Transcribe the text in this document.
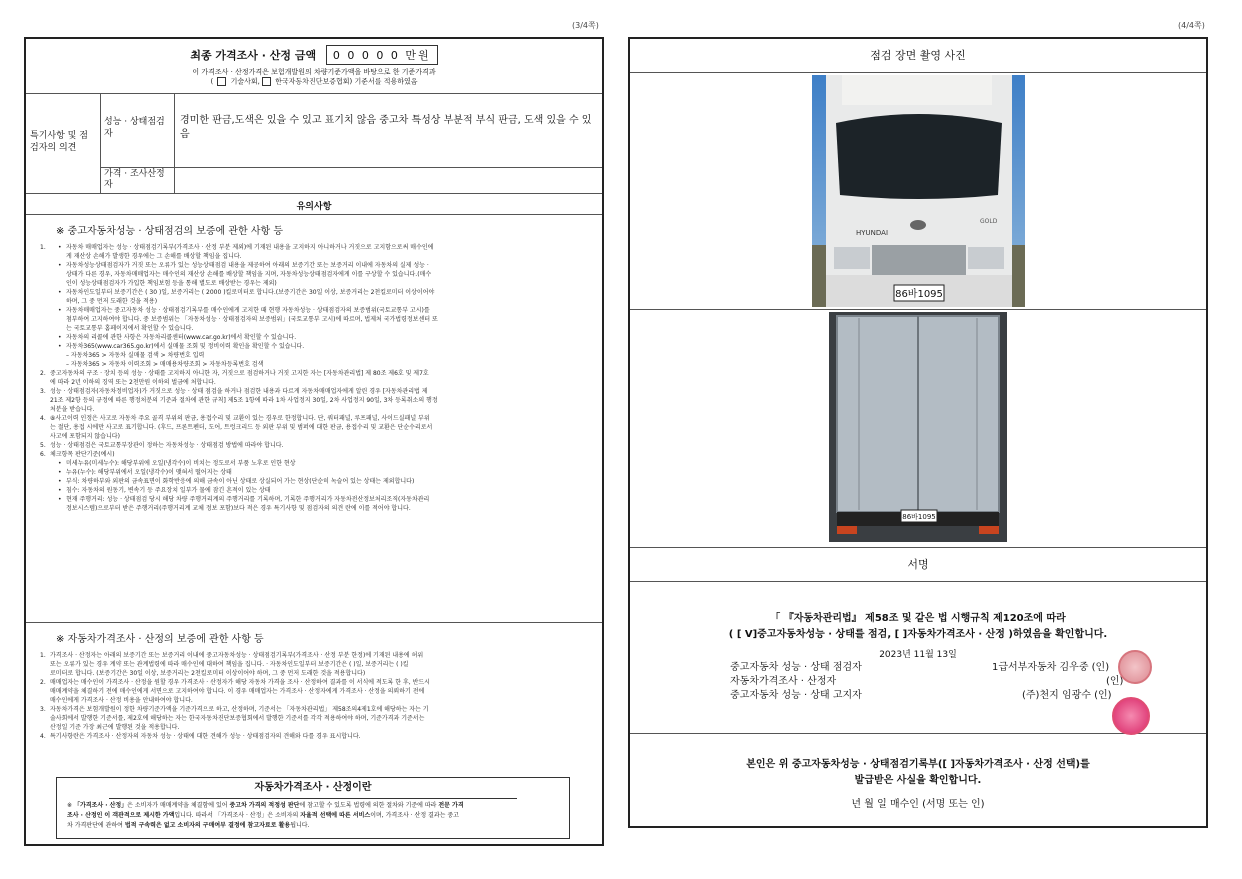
(3/4쪽)
최종 가격조사 · 산정 금액 0 0 0 0 0 만원
이 가격조사 · 산정가격은 보험개발원의 차량기준가액을 바탕으로 한 기준가격과
(  기술사회, 한국자동차진단보증협회) 기준서를 적용하였음
특기사항 및 점검자의 의견
성능 · 상태점검자
경미한 판금,도색은 있을 수 있고 표기치 않음 중고차 특성상 부분적 부식 판금, 도색 있을 수 있음
가격 · 조사산정자
유의사항
※ 중고자동차성능 · 상태점검의 보증에 관한 사항 등
1.
•	자동차 매매업자는 성능 · 상태점검기록부(가격조사 · 산정 부분 제외)에 기재된 내용을 고지하지 아니하거나 거짓으로 고지함으로써 매수인에
게 재산상 손해가 발생한 경우에는 그 손해를 배상할 책임을 집니다.
• 자동차성능상태점검자가 거짓 또는 오류가 있는 성능상태점검 내용을 제공하여 아래의 보증기간 또는 보증거리 이내에 자동차의 실제 성능 ·
상태가 다른 경우, 자동차매매업자는 매수인의 재산상 손해를 배상할 책임을 지며, 자동차성능상태점검자에게 이를 구상할 수 있습니다.(매수
인이 성능상태점검자가 가입한 책임보험 등을 통해 별도로 배상받는 경우는 제외)
• 자동차인도일부터 보증기간은 ( 30 )일, 보증거리는 ( 2000 )킬로미터로 합니다.(보증기간은 30일 이상, 보증거리는 2천킬로미터 이상이어야
하며, 그 중 먼저 도래한 것을 적용)
• 자동차매매업자는 중고자동차 성능 · 상태점검기록부를 매수인에게 고지한 때 현행 자동차성능 · 상태점검자의 보증범위(국토교통부 고시)를
첨부하여 고지하여야 합니다. 중 보증범위는 「자동차성능 · 상태점검자의 보증범위」(국토교통부 고시)에 따르며, 법제처 국가법령정보센터 또
는 국토교통부 홈페이지에서 확인할 수 있습니다.
• 자동차의 리콜에 관한 사항은 자동차리콜센터(www.car.go.kr)에서 확인할 수 있습니다.
• 자동차365(www.car365.go.kr)에서 실매물 조회 및 정비이력 확인을 확인할 수 있습니다.
– 자동차365 > 자동차 실매물 검색 > 차량번호 입력
– 자동차365 > 자동차 이력조회 > 매매용차량조회 > 자동차등록번호 검색
2. 중고자동차의 구조 · 장치 등의 성능 · 상태를 고지하지 아니한 자, 거짓으로 점검하거나 거짓 고지한 자는 [자동차관리법] 제 80조 제6호 및 제7호
에 따라 2년 이하의 징역 또는 2천만원 이하의 벌금에 처합니다.
3. 성능 · 상태점검자(자동차정비업자)가 거짓으로 성능 · 상태 점검을 하거나 점검한 내용과 다르게 자동차매매업자에게 알린 경우 [자동차관리법 제
21조 제2항 등의 규정에 따른 행정처분의 기준과 절차에 관한 규칙] 제5조 1항에 따라 1차 사업정지 30일, 2차 사업정지 90일, 3차 등록취소의 행정
처분을 받습니다.
4. ⑧사고이력 인정은 사고로 자동차 주요 골격 부위의 판금, 용접수리 및 교환이 있는 경우로 한정합니다. 단, 쿼터패널, 루프패널, 사이드실패널 부위
는 절단, 용접 시에만 사고로 표기합니다. (후드, 프론트펜더, 도어, 트렁크리드 등 외판 부위 및 범퍼에 대한 판금, 용접수리 및 교환은 단순수리로서
사고에 포함되지 않습니다)
5. 성능 · 상태점검은 국토교통부장관이 정하는 자동차성능 · 상태점검 방법에 따라야 합니다.
6. 체크항목 판단기준(예시)
• 미세누유(미세누수): 해당부위에 오일(냉각수)이 비치는 정도로서 부품 노후로 인한 현상
• 누유(누수): 해당부위에서 오일(냉각수)이 맺혀서 떨어지는 상태
• 부식: 차량하부와 외판의 금속표면이 화학반응에 의해 금속이 아닌 상태로 상실되어 가는 현상(단순히 녹슬어 있는 상태는 제외합니다)
• 침수: 자동차의 원동기, 변속기 등 주요장치 일부가 물에 잠긴 흔적이 있는 상태
• 현재 주행거리: 성능 · 상태점검 당시 해당 차량 주행거리계의 주행거리를 기록하며, 기록한 주행거리가 자동차전산정보처리조직(자동차관리
정보시스템)으로부터 받은 주행거리(주행거리계 교체 정보 포함)보다 적은 경우 특기사항 및 점검자의 의견 란에 이를 적어야 합니다.
※ 자동차가격조사 · 산정의 보증에 관한 사항 등
1. 가격조사 · 산정자는 아래의 보증기간 또는 보증거리 이내에 중고자동차성능 · 상태점검기록부(가격조사 · 산정 부분 한정)에 기재된 내용에 허위
또는 오류가 있는 경우 계약 또는 관계법령에 따라 매수인에 대하여 책임을 집니다. · 자동차인도일부터 보증기간은 ( )일, 보증거리는 ( )킬
로미터로 합니다. (보증기간은 30일 이상, 보증거리는 2천킬로미터 이상이어야 하며, 그 중 먼저 도래한 것을 적용합니다)
2. 매매업자는 매수인이 가격조사 · 산정을 원할 경우 가격조사 · 산정자가 해당 자동차 가격을 조사 · 산정하여 결과를 이 서식에 적도록 한 후, 반드시
매매계약을 체결하기 전에 매수인에게 서면으로 고지하여야 합니다. 이 경우 매매업자는 가격조사 · 산정자에게 가격조사 · 산정을 의뢰하기 전에
매수인에게 가격조사 · 산정 비용을 안내하여야 합니다.
3. 자동차가격은 보험개발원이 정한 차량기준가액을 기준가격으로 하고, 산정하며, 기준서는 「자동차관리법」 제58조의4제1호에 해당하는 자는 기
술사회에서 발행한 기준서를, 제2호에 해당하는 자는 한국자동차진단보증협회에서 발행한 기준서를 각각 적용하여야 하며, 기준가격과 기준서는
산정일 기준 가장 최근에 발행된 것을 적용합니다.
4. 특기사항란은 가격조사 · 산정자의 자동차 성능 · 상태에 대한 견해가 성능 · 상태점검자의 견해와 다를 경우 표시합니다.
자동차가격조사 · 산정이란
※ 「가격조사 · 산정」은 소비자가 매매계약을 체결함에 있어 중고차 가격의 적정성 판단에 참고할 수 있도록 법령에 의한 절차와 기준에 따라 전문 가격
조사 · 산정인 이 객관적으로 제시한 가액입니다. 따라서 「가격조사 · 산정」은 소비자의 자율적 선택에 따른 서비스이며, 가격조사 · 산정 결과는 중고
차 가격판단에 관하여 법적 구속력은 없고 소비자의 구매여부 결정에 참고자료로 활용됩니다.
(4/4쪽)
점검 장면 촬영 사진
서명
「 『자동차관리법』 제58조 및 같은 법 시행규칙 제120조에 따라
( [ V]중고자동차성능 · 상태를 점검, [ ]자동차가격조사 · 산정 )하였음을 확인합니다.
2023년 11월 13일
중고자동차 성능 · 상태 점검자	1급서부자동차 김우중 (인)
자동차가격조사 · 산정자	(인)
중고자동차 성능 · 상태 고지자	(주)천지 임광수 (인)
본인은 위 중고자동차성능 · 상태점검기록부([ ]자동차가격조사 · 산정 선택)를
발급받은 사실을 확인합니다.
년 월 일 매수인 (서명 또는 인)
86바1095
HYUNDAI
GOLD
86바1095
